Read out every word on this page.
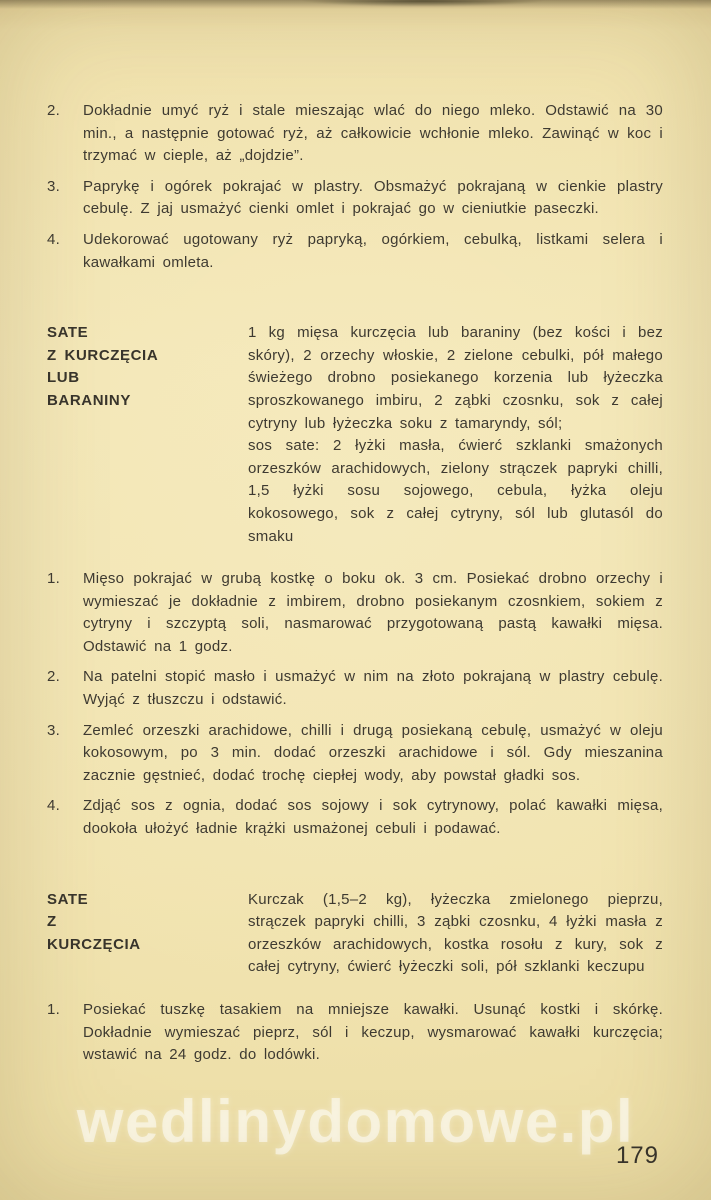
2.	Dokładnie umyć ryż i stale mieszając wlać do niego mleko. Odstawić na 30 min., a następnie gotować ryż, aż całkowicie wchłonie mleko. Zawinąć w koc i trzymać w cieple, aż „dojdzie”.
3.	Paprykę i ogórek pokrajać w plastry. Obsmażyć pokrajaną w cienkie plastry cebulę. Z jaj usmażyć cienki omlet i pokrajać go w cieniutkie paseczki.
4.	Udekorować ugotowany ryż papryką, ogórkiem, cebulką, listkami selera i kawałkami omleta.
SATE
Z KURCZĘCIA
LUB
BARANINY

1 kg mięsa kurczęcia lub baraniny (bez kości i bez skóry), 2 orzechy włoskie, 2 zielone cebulki, pół małego świeżego drobno posiekanego korzenia lub łyżeczka sproszkowanego imbiru, 2 ząbki czosnku, sok z całej cytryny lub łyżeczka soku z tamaryndy, sól;

sos sate: 2 łyżki masła, ćwierć szklanki smażonych orzeszków arachidowych, zielony strączek papryki chilli, 1,5 łyżki sosu sojowego, cebula, łyżka oleju kokosowego, sok z całej cytryny, sól lub glutasól do smaku

1.	Mięso pokrajać w grubą kostkę o boku ok. 3 cm. Posiekać drobno orzechy i wymieszać je dokładnie z imbirem, drobno posiekanym czosnkiem, sokiem z cytryny i szczyptą soli, nasmarować przygotowaną pastą kawałki mięsa. Odstawić na 1 godz.
2.	Na patelni stopić masło i usmażyć w nim na złoto pokrajaną w plastry cebulę. Wyjąć z tłuszczu i odstawić.
3.	Zemleć orzeszki arachidowe, chilli i drugą posiekaną cebulę, usmażyć w oleju kokosowym, po 3 min. dodać orzeszki arachidowe i sól. Gdy mieszanina zacznie gęstnieć, dodać trochę ciepłej wody, aby powstał gładki sos.
4.	Zdjąć sos z ognia, dodać sos sojowy i sok cytrynowy, polać kawałki mięsa, dookoła ułożyć ładnie krążki usmażonej cebuli i podawać.
SATE
Z
KURCZĘCIA

Kurczak (1,5–2 kg), łyżeczka zmielonego pieprzu, strączek papryki chilli, 3 ząbki czosnku, 4 łyżki masła z orzeszków arachidowych, kostka rosołu z kury, sok z całej cytryny, ćwierć łyżeczki soli, pół szklanki keczupu

1.	Posiekać tuszkę tasakiem na mniejsze kawałki. Usunąć kostki i skórkę. Dokładnie wymieszać pieprz, sól i keczup, wysmarować kawałki kurczęcia; wstawić na 24 godz. do lodówki.
wedlinydomowe.pl
179
